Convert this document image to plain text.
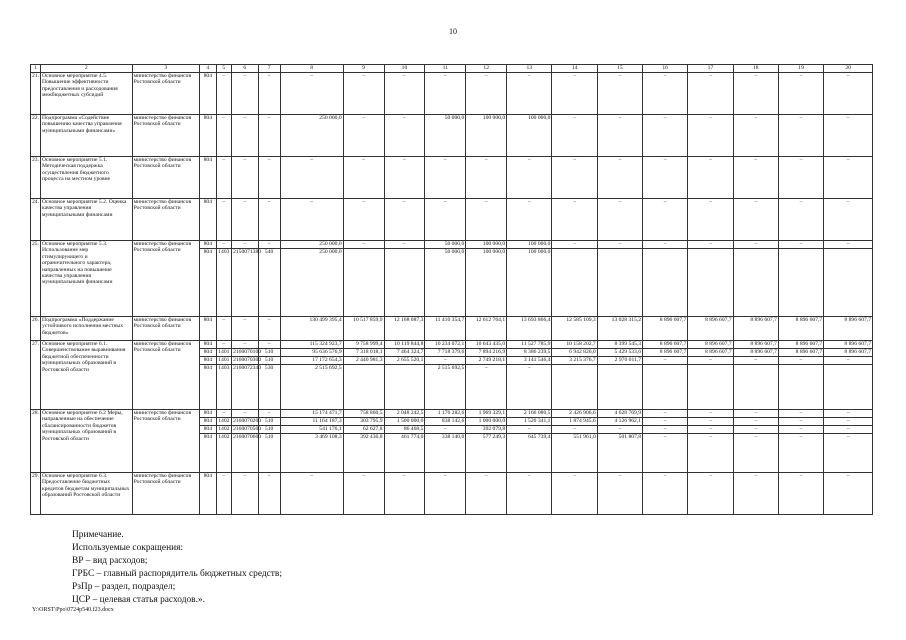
10
1	2	3	4	5	6	7	8	9	10	11	12	13	14	15	16	17	18	19	20
21.	Основное мероприятие 4.5. Повышение эффективности предоставления и расходования межбюджетных субсидий	министерство финансов Ростовской области	804	–	–	–	–	–	–	–	–	–	–	–	–	–	–	–	–
22.	Подпрограмма «Содействие повышению качества управления муниципальными финансами»	министерство финансов Ростовской области	804	–	–	–	250 000,0	–	–	50 000,0	100 000,0	100 000,0	–	–	–	–	–	–	–
23.	Основное мероприятие 5.1. Методическая поддержка осуществления бюджетного процесса на местном уровне	министерство финансов Ростовской области	804	–	–	–	–	–	–	–	–	–	–	–	–	–	–	–	–
24.	Основное мероприятие 5.2. Оценка качества управления муниципальными финансами	министерство финансов Ростовской области	804	–	–	–	–	–	–	–	–	–	–	–	–	–	–	–	–
25.	Основное мероприятие 5.3. Использование мер стимулирующего и ограничительного характера, направленных на повышение качества управления муниципальными финансами	министерство финансов Ростовской области	804	–	–	–	250 000,0	–	–	50 000,0	100 000,0	100 000,0	–	–	–	–	–	–	–
			804	1403	2150071380	540	250 000,0			50 000,0	100 000,0	100 000,0							
26.	Подпрограмма «Поддержание устойчивого исполнения местных бюджетов»	министерство финансов Ростовской области	804	–	–	–	130 499 395,4	10 517 859,9	12 168 087,3	11 410 354,7	12 612 764,1	13 693 866,4	12 585 109,3	13 028 315,2	8 896 607,7	8 896 607,7	8 896 607,7	8 896 607,7	8 896 607,7
27.	Основное мероприятие 6.1. Совершенствование выравнивания бюджетной обеспеченности муниципальных образований в Ростовской области	министерство финансов Ростовской области	804	–	–	–	115 324 923,7	9 758 999,4	10 119 844,8	10 234 072,1	10 643 435,0	11 527 785,9	10 158 202,7	8 399 545,3	8 896 607,7	8 896 607,7	8 896 607,7	8 896 607,7	8 896 607,7
			804	1401	2160070100	510	95 636 576,9	7 318 018,1	7 464 324,7	7 718 379,6	7 894 216,9	8 386 239,5	6 942 826,0	5 429 533,6	8 896 607,7	8 896 607,7	8 896 607,7	8 896 607,7	8 896 607,7
			804	1401	2160070300	510	17 172 654,3	2 440 981,3	2 655 520,1	–	2 749 218,1	3 141 546,4	3 215 376,7	2 970 011,7	–	–	–	–	–
			804	1403	2160072340	530	2 515 692,5			2 515 692,5	–	–							
28.	Основное мероприятие 6.2 Меры, направленные на обеспечение сбалансированности бюджетов муниципальных образований в Ростовской области	министерство финансов Ростовской области	804	–	–	–	15 174 471,7	758 860,5	2 048 242,5	1 176 282,6	1 969 329,1	2 166 080,5	2 426 906,6	4 628 769,9	–	–	–	–	–
			804	1402	2160070200	510	11 164 187,3	303 795,9	1 500 000,0	838 142,6	1 000 000,0	1 520 341,1	1 874 945,6	4 126 962,1	–	–	–	–	–
			804	1402	2160070500	510	541 176,1	62 627,8	86 468,5	–	392 079,8	–	–	–	–	–	–	–	–
			804	1402	2160070600	510	3 469 108,3	392 436,8	461 774,0	338 140,0	577 249,3	645 739,4	551 961,0	501 807,8	–	–	–	–	–
29.	Основное мероприятие 6.3. Предоставление бюджетных кредитов бюджетам муниципальных образований Ростовской области	министерство финансов Ростовской области	804	–	–	–	–	–	–	–	–	–	–	–	–	–	–	–	–
Примечание.
Используемые сокращения:
ВР – вид расходов;
ГРБС – главный распорядитель бюджетных средств;
РзПр – раздел, подраздел;
ЦСР – целевая статья расходов.».
Y:\ORST\Ppo\0724p540.f23.docx
